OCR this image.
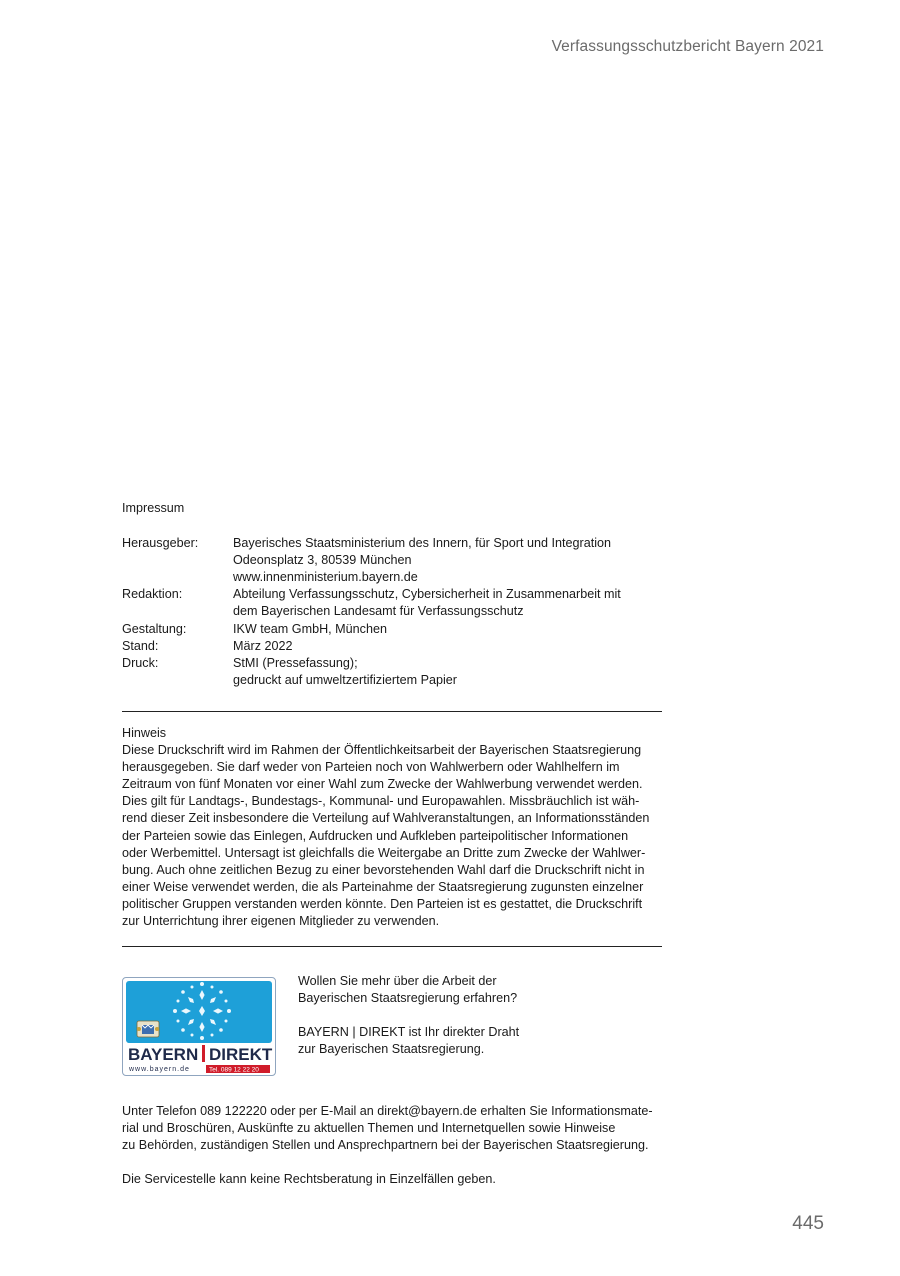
Verfassungsschutzbericht Bayern 2021
Impressum
Herausgeber:	Bayerisches Staatsministerium des Innern, für Sport und Integration
Odeonsplatz 3, 80539 München
www.innenministerium.bayern.de

Redaktion:	Abteilung Verfassungsschutz, Cybersicherheit in Zusammenarbeit mit
dem Bayerischen Landesamt für Verfassungsschutz

Gestaltung:	IKW team GmbH, München

Stand:	März 2022

Druck:	StMI (Pressefassung);
gedruckt auf umweltzertifiziertem Papier
Hinweis
Diese Druckschrift wird im Rahmen der Öffentlichkeitsarbeit der Bayerischen Staatsregierung
herausgegeben. Sie darf weder von Parteien noch von Wahlwerbern oder Wahlhelfern im
Zeitraum von fünf Monaten vor einer Wahl zum Zwecke der Wahlwerbung verwendet werden.
Dies gilt für Landtags-, Bundestags-, Kommunal- und Europawahlen. Missbräuchlich ist wäh-
rend dieser Zeit insbesondere die Verteilung auf Wahlveranstaltungen, an Informationsständen
der Parteien sowie das Einlegen, Aufdrucken und Aufkleben parteipolitischer Informationen
oder Werbemittel. Untersagt ist gleichfalls die Weitergabe an Dritte zum Zwecke der Wahlwer-
bung. Auch ohne zeitlichen Bezug zu einer bevorstehenden Wahl darf die Druckschrift nicht in
einer Weise verwendet werden, die als Parteinahme der Staatsregierung zugunsten einzelner
politischer Gruppen verstanden werden könnte. Den Parteien ist es gestattet, die Druckschrift
zur Unterrichtung ihrer eigenen Mitglieder zu verwenden.
BAYERN DIREKT
www.bayern.de	Tel. 089 12 22 20
Wollen Sie mehr über die Arbeit der
Bayerischen Staatsregierung erfahren?
BAYERN | DIREKT ist Ihr direkter Draht
zur Bayerischen Staatsregierung.
Unter Telefon 089 122220 oder per E-Mail an direkt@bayern.de erhalten Sie Informationsmate-
rial und Broschüren, Auskünfte zu aktuellen Themen und Internetquellen sowie Hinweise
zu Behörden, zuständigen Stellen und Ansprechpartnern bei der Bayerischen Staatsregierung.
Die Servicestelle kann keine Rechtsberatung in Einzelfällen geben.
445
